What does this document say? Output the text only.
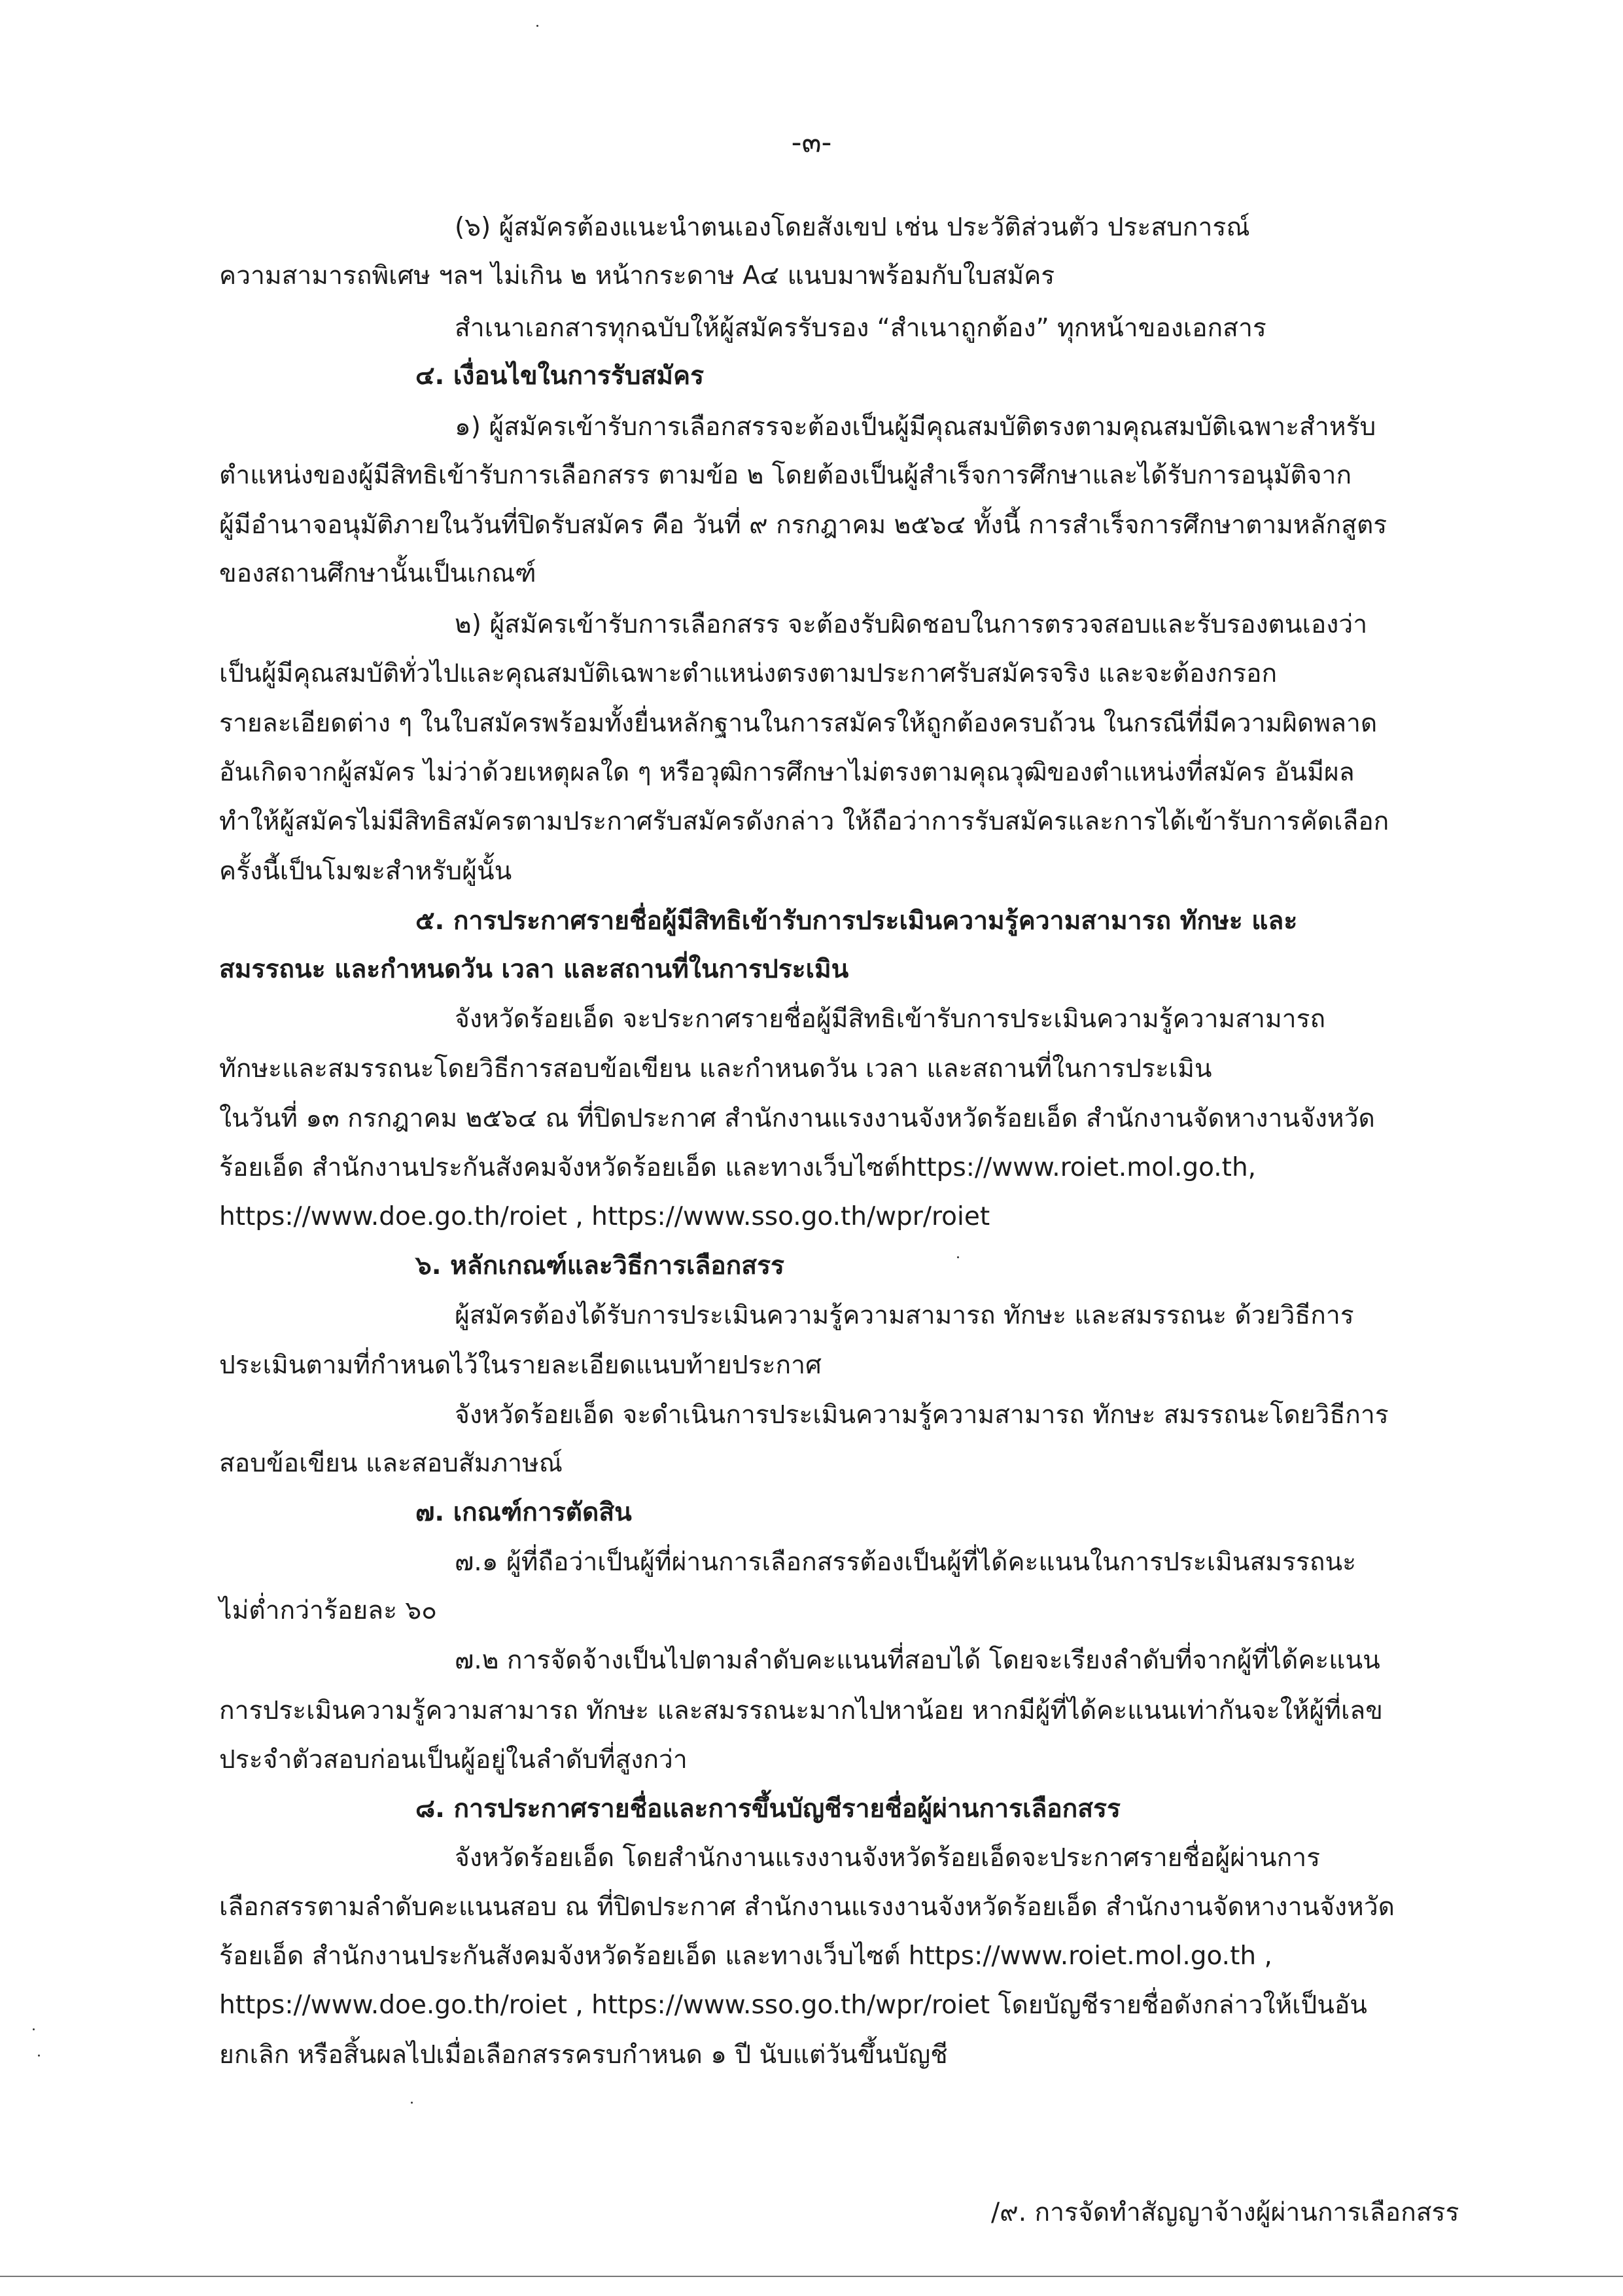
-๓-
(๖) ผู้สมัครต้องแนะนำตนเองโดยสังเขป เช่น ประวัติส่วนตัว ประสบการณ์
ความสามารถพิเศษ ฯลฯ ไม่เกิน ๒ หน้ากระดาษ A๔ แนบมาพร้อมกับใบสมัคร
สำเนาเอกสารทุกฉบับให้ผู้สมัครรับรอง “สำเนาถูกต้อง” ทุกหน้าของเอกสาร
๔. เงื่อนไขในการรับสมัคร
๑) ผู้สมัครเข้ารับการเลือกสรรจะต้องเป็นผู้มีคุณสมบัติตรงตามคุณสมบัติเฉพาะสำหรับ
ตำแหน่งของผู้มีสิทธิเข้ารับการเลือกสรร ตามข้อ ๒ โดยต้องเป็นผู้สำเร็จการศึกษาและได้รับการอนุมัติจาก
ผู้มีอำนาจอนุมัติภายในวันที่ปิดรับสมัคร คือ วันที่ ๙ กรกฎาคม ๒๕๖๔ ทั้งนี้ การสำเร็จการศึกษาตามหลักสูตร
ของสถานศึกษานั้นเป็นเกณฑ์
๒) ผู้สมัครเข้ารับการเลือกสรร จะต้องรับผิดชอบในการตรวจสอบและรับรองตนเองว่า
เป็นผู้มีคุณสมบัติทั่วไปและคุณสมบัติเฉพาะตำแหน่งตรงตามประกาศรับสมัครจริง และจะต้องกรอก
รายละเอียดต่าง ๆ ในใบสมัครพร้อมทั้งยื่นหลักฐานในการสมัครให้ถูกต้องครบถ้วน ในกรณีที่มีความผิดพลาด
อันเกิดจากผู้สมัคร ไม่ว่าด้วยเหตุผลใด ๆ หรือวุฒิการศึกษาไม่ตรงตามคุณวุฒิของตำแหน่งที่สมัคร อันมีผล
ทำให้ผู้สมัครไม่มีสิทธิสมัครตามประกาศรับสมัครดังกล่าว ให้ถือว่าการรับสมัครและการได้เข้ารับการคัดเลือก
ครั้งนี้เป็นโมฆะสำหรับผู้นั้น
๕. การประกาศรายชื่อผู้มีสิทธิเข้ารับการประเมินความรู้ความสามารถ ทักษะ และ
สมรรถนะ และกำหนดวัน เวลา และสถานที่ในการประเมิน
จังหวัดร้อยเอ็ด จะประกาศรายชื่อผู้มีสิทธิเข้ารับการประเมินความรู้ความสามารถ
ทักษะและสมรรถนะโดยวิธีการสอบข้อเขียน และกำหนดวัน เวลา และสถานที่ในการประเมิน
ในวันที่ ๑๓ กรกฎาคม ๒๕๖๔ ณ ที่ปิดประกาศ สำนักงานแรงงานจังหวัดร้อยเอ็ด สำนักงานจัดหางานจังหวัด
ร้อยเอ็ด สำนักงานประกันสังคมจังหวัดร้อยเอ็ด และทางเว็บไซต์https://www.roiet.mol.go.th,
https://www.doe.go.th/roiet , https://www.sso.go.th/wpr/roiet
๖. หลักเกณฑ์และวิธีการเลือกสรร
ผู้สมัครต้องได้รับการประเมินความรู้ความสามารถ ทักษะ และสมรรถนะ ด้วยวิธีการ
ประเมินตามที่กำหนดไว้ในรายละเอียดแนบท้ายประกาศ
จังหวัดร้อยเอ็ด จะดำเนินการประเมินความรู้ความสามารถ ทักษะ สมรรถนะโดยวิธีการ
สอบข้อเขียน และสอบสัมภาษณ์
๗. เกณฑ์การตัดสิน
๗.๑ ผู้ที่ถือว่าเป็นผู้ที่ผ่านการเลือกสรรต้องเป็นผู้ที่ได้คะแนนในการประเมินสมรรถนะ
ไม่ต่ำกว่าร้อยละ ๖๐
๗.๒ การจัดจ้างเป็นไปตามลำดับคะแนนที่สอบได้ โดยจะเรียงลำดับที่จากผู้ที่ได้คะแนน
การประเมินความรู้ความสามารถ ทักษะ และสมรรถนะมากไปหาน้อย หากมีผู้ที่ได้คะแนนเท่ากันจะให้ผู้ที่เลข
ประจำตัวสอบก่อนเป็นผู้อยู่ในลำดับที่สูงกว่า
๘. การประกาศรายชื่อและการขึ้นบัญชีรายชื่อผู้ผ่านการเลือกสรร
จังหวัดร้อยเอ็ด โดยสำนักงานแรงงานจังหวัดร้อยเอ็ดจะประกาศรายชื่อผู้ผ่านการ
เลือกสรรตามลำดับคะแนนสอบ ณ ที่ปิดประกาศ สำนักงานแรงงานจังหวัดร้อยเอ็ด สำนักงานจัดหางานจังหวัด
ร้อยเอ็ด สำนักงานประกันสังคมจังหวัดร้อยเอ็ด และทางเว็บไซต์ https://www.roiet.mol.go.th ,
https://www.doe.go.th/roiet , https://www.sso.go.th/wpr/roiet โดยบัญชีรายชื่อดังกล่าวให้เป็นอัน
ยกเลิก หรือสิ้นผลไปเมื่อเลือกสรรครบกำหนด ๑ ปี นับแต่วันขึ้นบัญชี
/๙. การจัดทำสัญญาจ้างผู้ผ่านการเลือกสรร
